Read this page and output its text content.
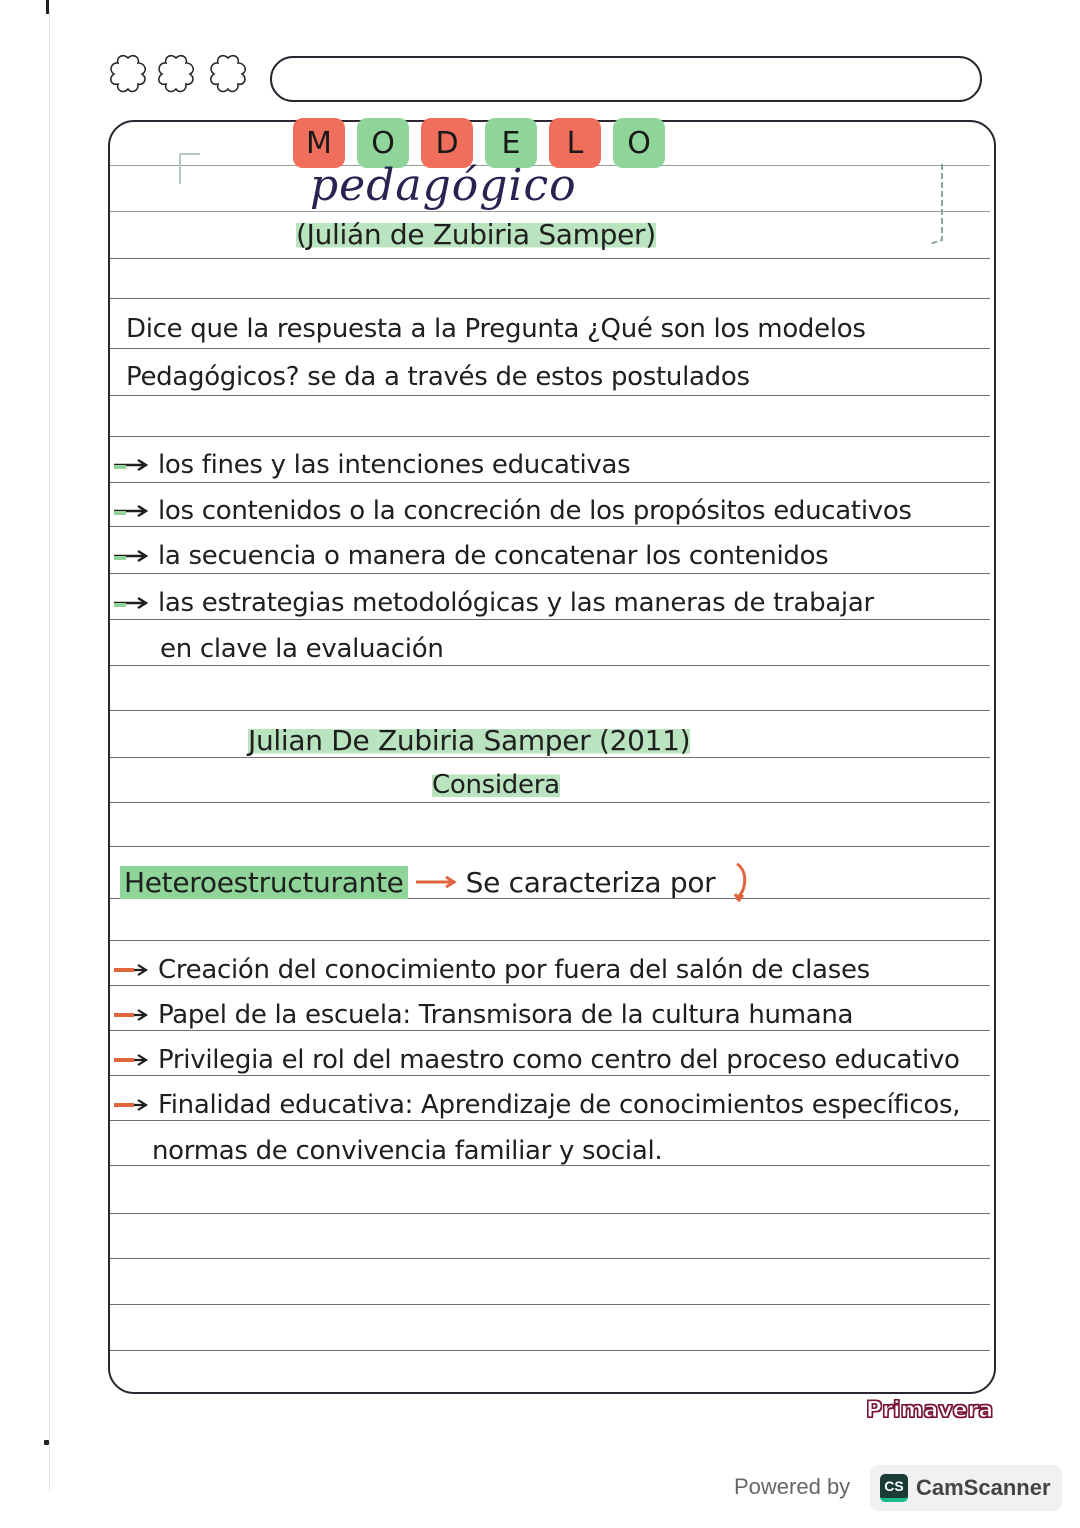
M	O	D	E	L	O
pedagógico
(Julián de Zubiria Samper)
Dice que la respuesta a la Pregunta ¿Qué son los modelos
Pedagógicos? se da a través de estos postulados
los fines y las intenciones educativas
los contenidos o la concreción de los propósitos educativos
la secuencia o manera de concatenar los contenidos
las estrategias metodológicas y las maneras de trabajar
en clave la evaluación
Julian De Zubiria Samper (2011)
Considera
Heteroestructurante Se caracteriza por
Creación del conocimiento por fuera del salón de clases
Papel de la escuela: Transmisora de la cultura humana
Privilegia el rol del maestro como centro del proceso educativo
Finalidad educativa: Aprendizaje de conocimientos específicos,
normas de convivencia familiar y social.
Primavera
Powered by	CS CamScanner
